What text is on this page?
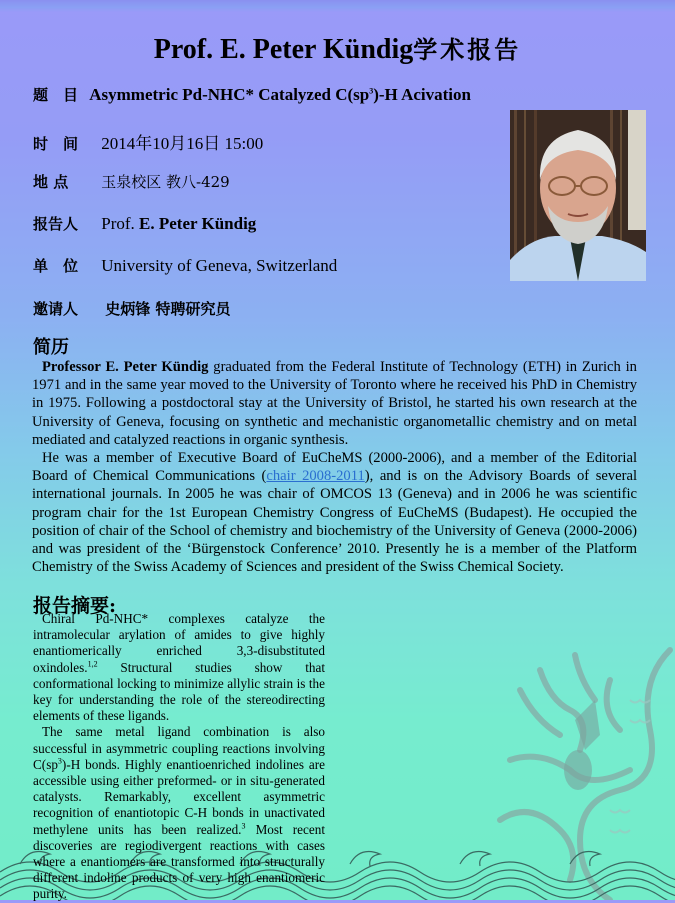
Prof. E. Peter Kündig学术报告
题　目 Asymmetric Pd-NHC* Catalyzed $C(sp^3)-H$ Acivation
时　间 2014年10月16日 15:00
地 点 玉泉校区 教八-429
报告人 Prof. E. Peter Kündig
单　位 University of Geneva, Switzerland
邀请人 史炳锋 特聘研究员
简历

Professor E. Peter Kündig graduated from the Federal Institute of Technology (ETH) in Zurich in 1971 and in the same year moved to the University of Toronto where he received his PhD in Chemistry in 1975. Following a postdoctoral stay at the University of Bristol, he started his own research at the University of Geneva, focusing on synthetic and mechanistic organometallic chemistry and on metal mediated and catalyzed reactions in organic synthesis.

He was a member of Executive Board of EuCheMS (2000-2006), and a member of the Editorial Board of Chemical Communications (chair 2008-2011), and is on the Advisory Boards of several international journals. In 2005 he was chair of OMCOS 13 (Geneva) and in 2006 he was scientific program chair for the 1st European Chemistry Congress of EuCheMS (Budapest). He occupied the position of chair of the School of chemistry and biochemistry of the University of Geneva (2000-2006) and was president of the ‘Bürgenstock Conference’ 2010. Presently he is a member of the Platform Chemistry of the Swiss Academy of Sciences and president of the Swiss Chemical Society.

报告摘要:

Chiral Pd-NHC* complexes catalyze the intramolecular arylation of amides to give highly enantiomerically enriched 3,3-disubstituted oxindoles.$^{1,2}$ Structural studies show that conformational locking to minimize allylic strain is the key for understanding the role of the stereodirecting elements of these ligands.

The same metal ligand combination is also successful in asymmetric coupling reactions involving $C(sp^3)-H$ bonds. Highly enantioenriched indolines are accessible using either preformed- or in situ-generated catalysts. Remarkably, excellent asymmetric recognition of enantiotopic C-H bonds in unactivated methylene units has been realized.$^3$ Most recent discoveries are regiodivergent reactions with cases where a enantiomers are transformed into structurally different indoline products of very high enantiomeric purity.
